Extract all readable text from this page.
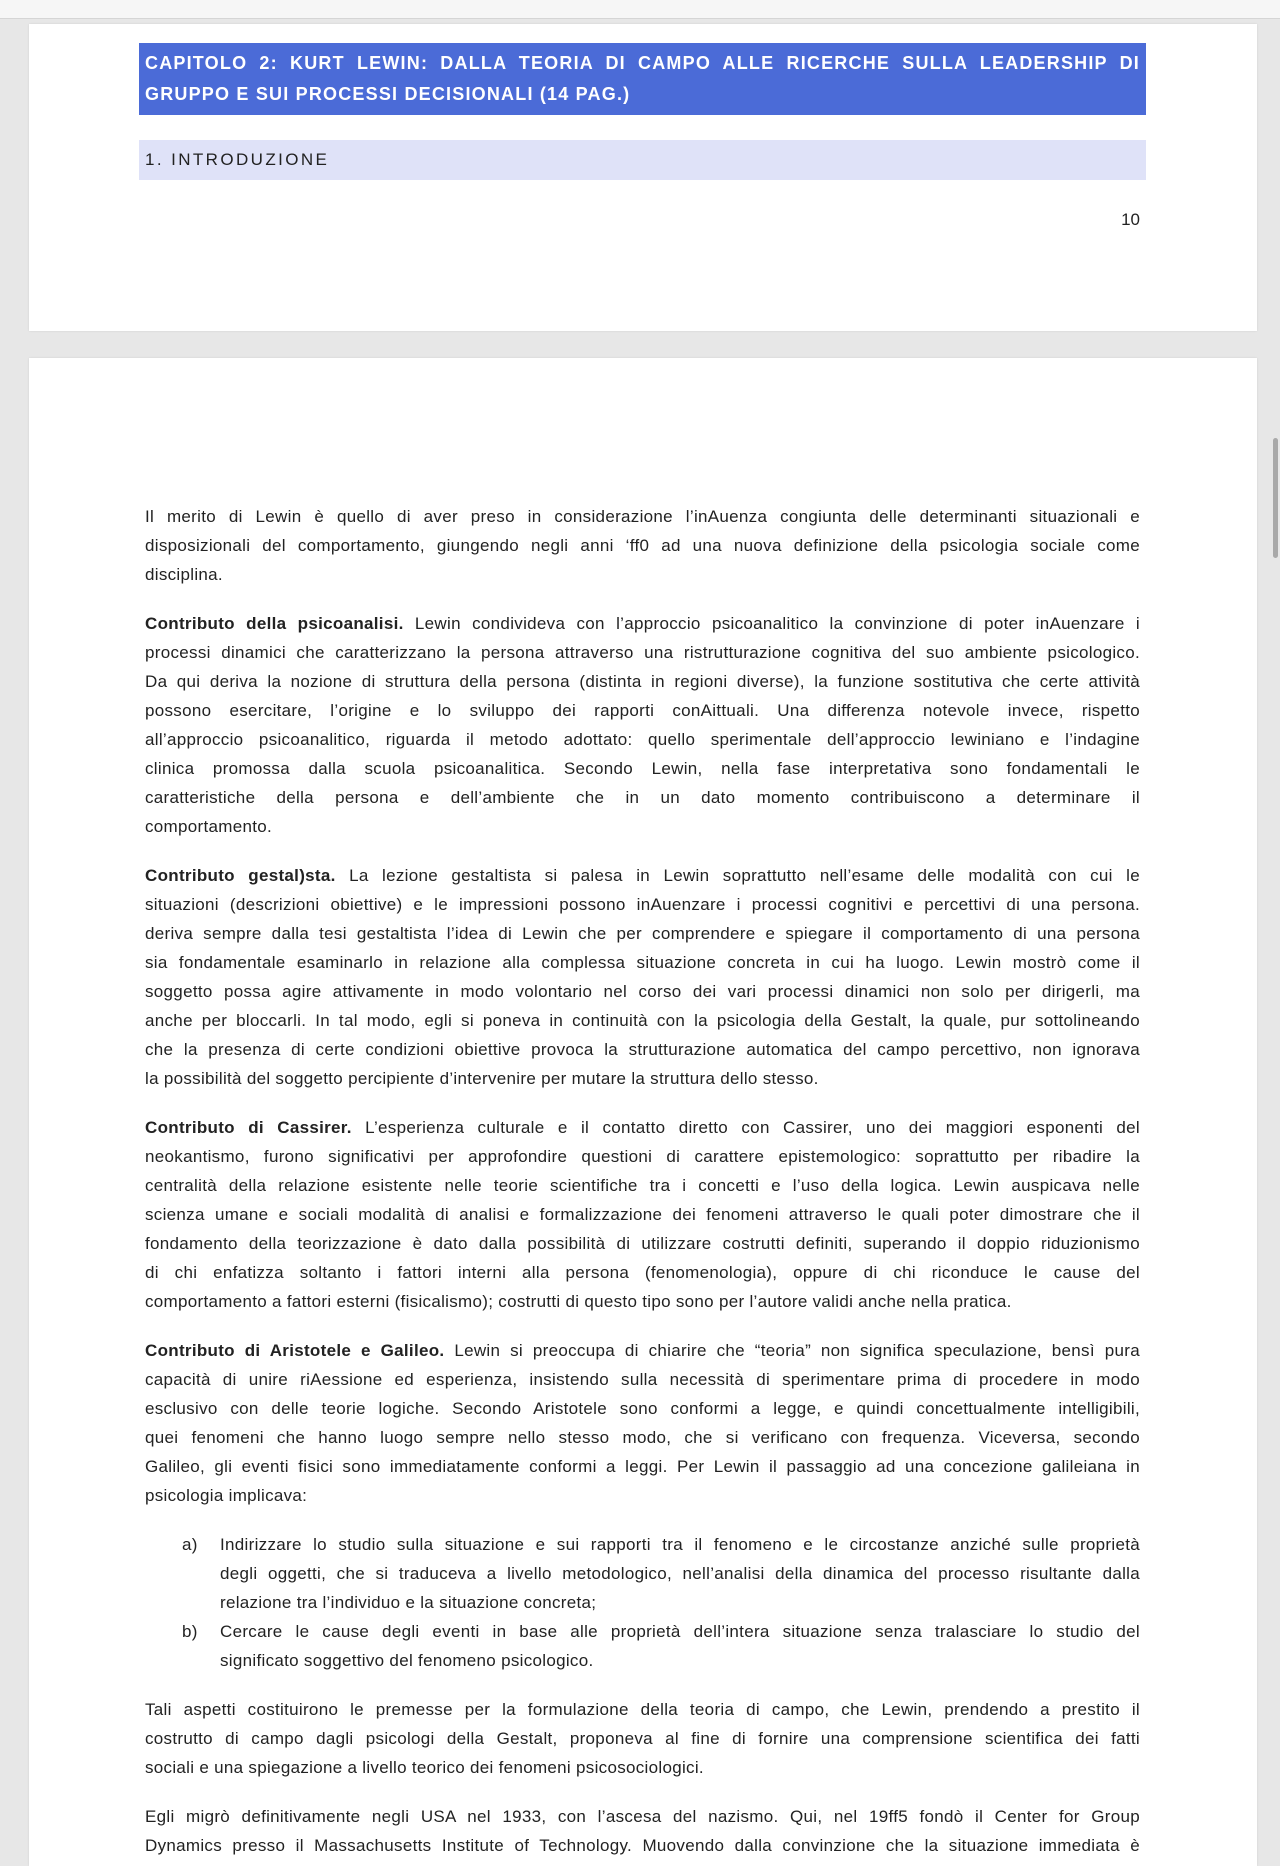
CAPITOLO 2: KURT LEWIN: DALLA TEORIA DI CAMPO ALLE RICERCHE SULLA LEADERSHIP DI
GRUPPO E SUI PROCESSI DECISIONALI (14 PAG.)
1. INTRODUZIONE
10
Il merito di Lewin è quello di aver preso in considerazione l’inAuenza congiunta delle determinanti situazionali e
disposizionali del comportamento, giungendo negli anni ‘ff0 ad una nuova definizione della psicologia sociale come
disciplina.
Contributo della psicoanalisi. Lewin condivideva con l’approccio psicoanalitico la convinzione di poter inAuenzare i
processi dinamici che caratterizzano la persona attraverso una ristrutturazione cognitiva del suo ambiente psicologico.
Da qui deriva la nozione di struttura della persona (distinta in regioni diverse), la funzione sostitutiva che certe attività
possono esercitare, l’origine e lo sviluppo dei rapporti conAittuali. Una differenza notevole invece, rispetto
all’approccio psicoanalitico, riguarda il metodo adottato: quello sperimentale dell’approccio lewiniano e l’indagine
clinica promossa dalla scuola psicoanalitica. Secondo Lewin, nella fase interpretativa sono fondamentali le
caratteristiche della persona e dell’ambiente che in un dato momento contribuiscono a determinare il
comportamento.
Contributo gestal)sta. La lezione gestaltista si palesa in Lewin soprattutto nell’esame delle modalità con cui le
situazioni (descrizioni obiettive) e le impressioni possono inAuenzare i processi cognitivi e percettivi di una persona.
deriva sempre dalla tesi gestaltista l’idea di Lewin che per comprendere e spiegare il comportamento di una persona
sia fondamentale esaminarlo in relazione alla complessa situazione concreta in cui ha luogo. Lewin mostrò come il
soggetto possa agire attivamente in modo volontario nel corso dei vari processi dinamici non solo per dirigerli, ma
anche per bloccarli. In tal modo, egli si poneva in continuità con la psicologia della Gestalt, la quale, pur sottolineando
che la presenza di certe condizioni obiettive provoca la strutturazione automatica del campo percettivo, non ignorava
la possibilità del soggetto percipiente d’intervenire per mutare la struttura dello stesso.
Contributo di Cassirer. L’esperienza culturale e il contatto diretto con Cassirer, uno dei maggiori esponenti del
neokantismo, furono significativi per approfondire questioni di carattere epistemologico: soprattutto per ribadire la
centralità della relazione esistente nelle teorie scientifiche tra i concetti e l’uso della logica. Lewin auspicava nelle
scienza umane e sociali modalità di analisi e formalizzazione dei fenomeni attraverso le quali poter dimostrare che il
fondamento della teorizzazione è dato dalla possibilità di utilizzare costrutti definiti, superando il doppio riduzionismo
di chi enfatizza soltanto i fattori interni alla persona (fenomenologia), oppure di chi riconduce le cause del
comportamento a fattori esterni (fisicalismo); costrutti di questo tipo sono per l’autore validi anche nella pratica.
Contributo di Aristotele e Galileo. Lewin si preoccupa di chiarire che “teoria” non significa speculazione, bensì pura
capacità di unire riAessione ed esperienza, insistendo sulla necessità di sperimentare prima di procedere in modo
esclusivo con delle teorie logiche. Secondo Aristotele sono conformi a legge, e quindi concettualmente intelligibili,
quei fenomeni che hanno luogo sempre nello stesso modo, che si verificano con frequenza. Viceversa, secondo
Galileo, gli eventi fisici sono immediatamente conformi a leggi. Per Lewin il passaggio ad una concezione galileiana in
psicologia implicava:
a) Indirizzare lo studio sulla situazione e sui rapporti tra il fenomeno e le circostanze anziché sulle proprietà
degli oggetti, che si traduceva a livello metodologico, nell’analisi della dinamica del processo risultante dalla
relazione tra l’individuo e la situazione concreta;
b) Cercare le cause degli eventi in base alle proprietà dell’intera situazione senza tralasciare lo studio del
significato soggettivo del fenomeno psicologico.
Tali aspetti costituirono le premesse per la formulazione della teoria di campo, che Lewin, prendendo a prestito il
costrutto di campo dagli psicologi della Gestalt, proponeva al fine di fornire una comprensione scientifica dei fatti
sociali e una spiegazione a livello teorico dei fenomeni psicosociologici.
Egli migrò definitivamente negli USA nel 1933, con l’ascesa del nazismo. Qui, nel 19ff5 fondò il Center for Group
Dynamics presso il Massachusetts Institute of Technology. Muovendo dalla convinzione che la situazione immediata è
